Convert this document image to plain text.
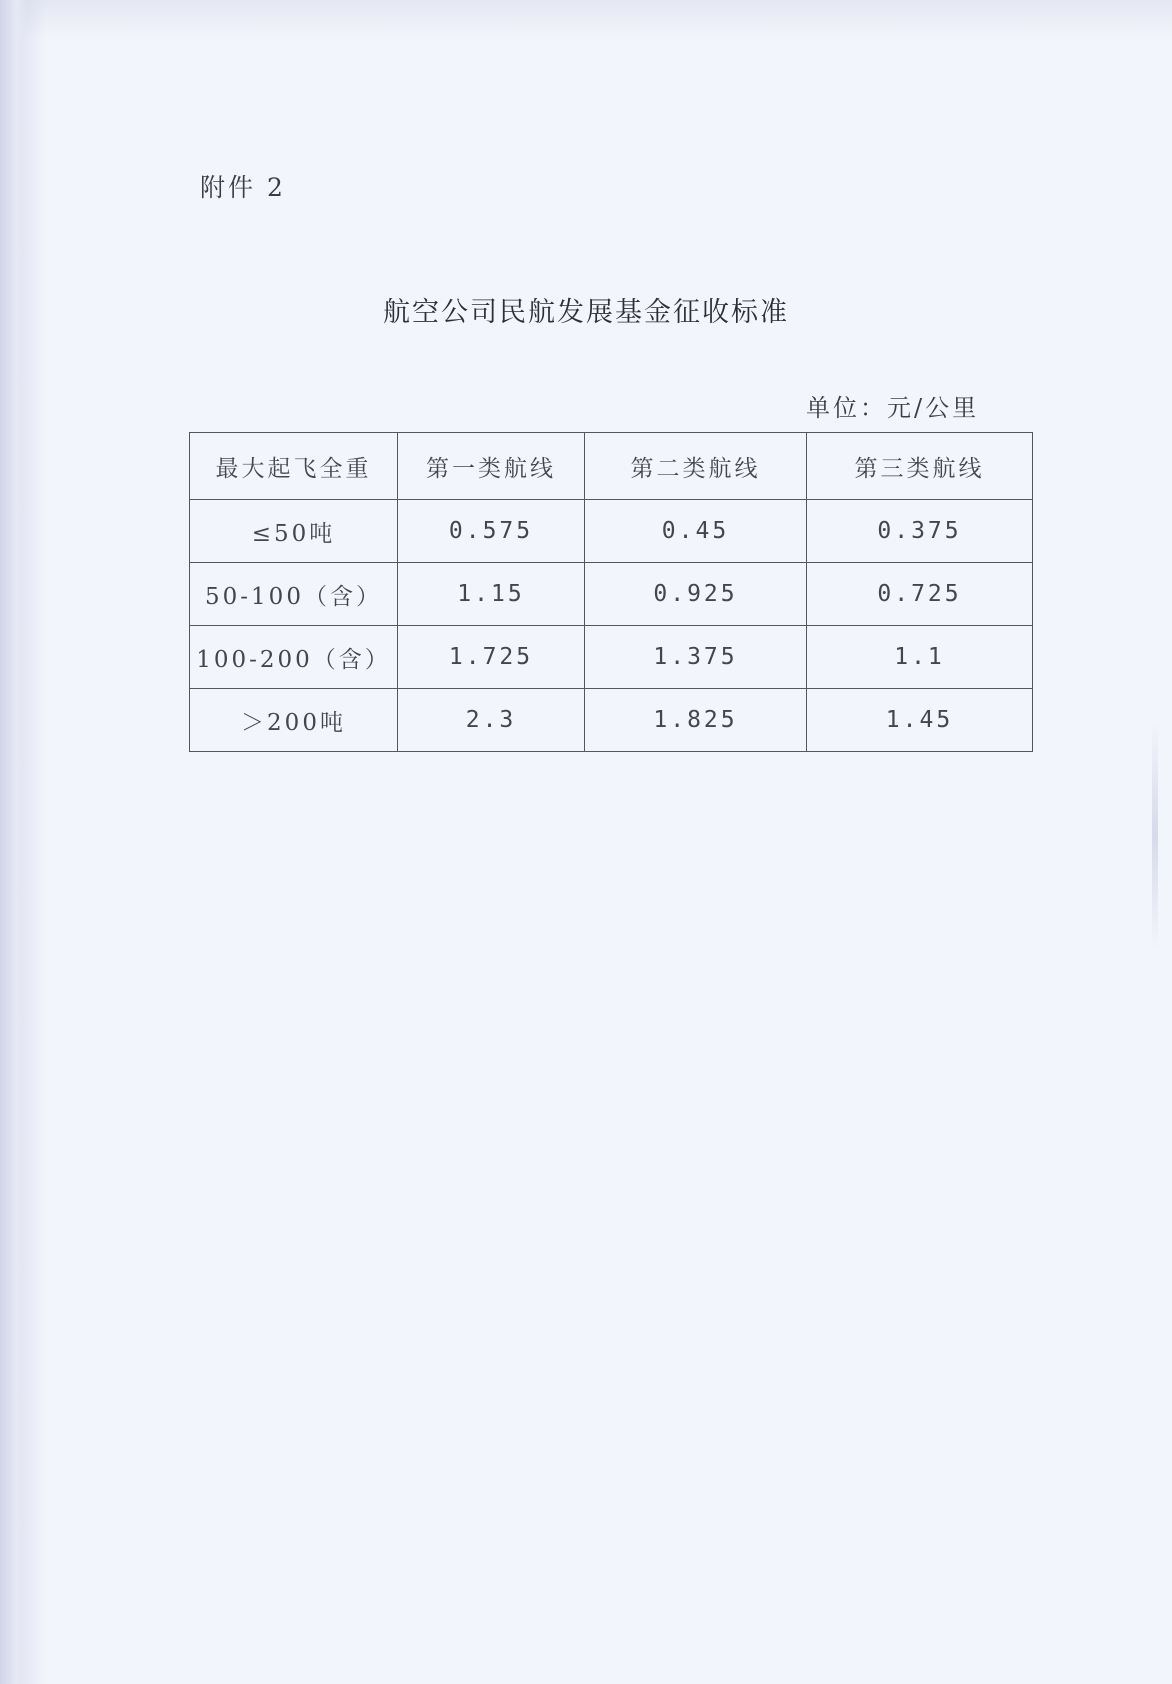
附件 2
航空公司民航发展基金征收标准
单位：元/公里
最大起飞全重	第一类航线	第二类航线	第三类航线
≤50吨	0.575	0.45	0.375
50-100（含）	1.15	0.925	0.725
100-200（含）	1.725	1.375	1.1
＞200吨	2.3	1.825	1.45
